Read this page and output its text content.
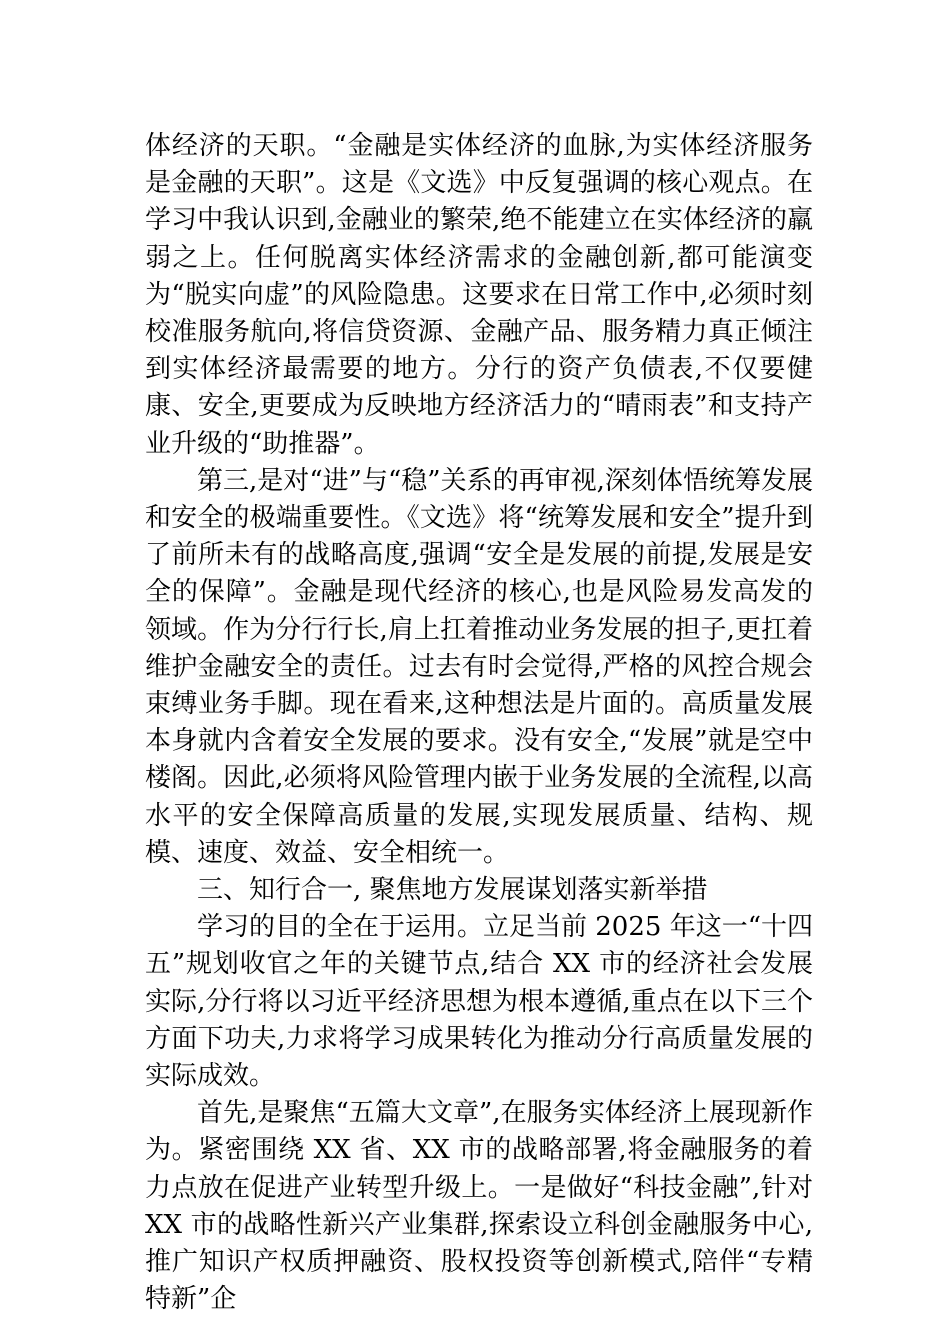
体经济的天职。“金融是实体经济的血脉,为实体经济服务是金融的天职”。这是《文选》中反复强调的核心观点。在学习中我认识到,金融业的繁荣,绝不能建立在实体经济的羸弱之上。任何脱离实体经济需求的金融创新,都可能演变为“脱实向虚”的风险隐患。这要求在日常工作中,必须时刻校准服务航向,将信贷资源、金融产品、服务精力真正倾注到实体经济最需要的地方。分行的资产负债表,不仅要健康、安全,更要成为反映地方经济活力的“晴雨表”和支持产业升级的“助推器”。

第三,是对“进”与“稳”关系的再审视,深刻体悟统筹发展和安全的极端重要性。《文选》将“统筹发展和安全”提升到了前所未有的战略高度,强调“安全是发展的前提,发展是安全的保障”。金融是现代经济的核心,也是风险易发高发的领域。作为分行行长,肩上扛着推动业务发展的担子,更扛着维护金融安全的责任。过去有时会觉得,严格的风控合规会束缚业务手脚。现在看来,这种想法是片面的。高质量发展本身就内含着安全发展的要求。没有安全,“发展”就是空中楼阁。因此,必须将风险管理内嵌于业务发展的全流程,以高水平的安全保障高质量的发展,实现发展质量、结构、规模、速度、效益、安全相统一。

三、知行合一, 聚焦地方发展谋划落实新举措

学习的目的全在于运用。立足当前 2025 年这一“十四五”规划收官之年的关键节点,结合 XX 市的经济社会发展实际,分行将以习近平经济思想为根本遵循,重点在以下三个方面下功夫,力求将学习成果转化为推动分行高质量发展的实际成效。

首先,是聚焦“五篇大文章”,在服务实体经济上展现新作为。紧密围绕 XX 省、XX 市的战略部署,将金融服务的着力点放在促进产业转型升级上。一是做好“科技金融”,针对 XX 市的战略性新兴产业集群,探索设立科创金融服务中心,推广知识产权质押融资、股权投资等创新模式,陪伴“专精特新”企
